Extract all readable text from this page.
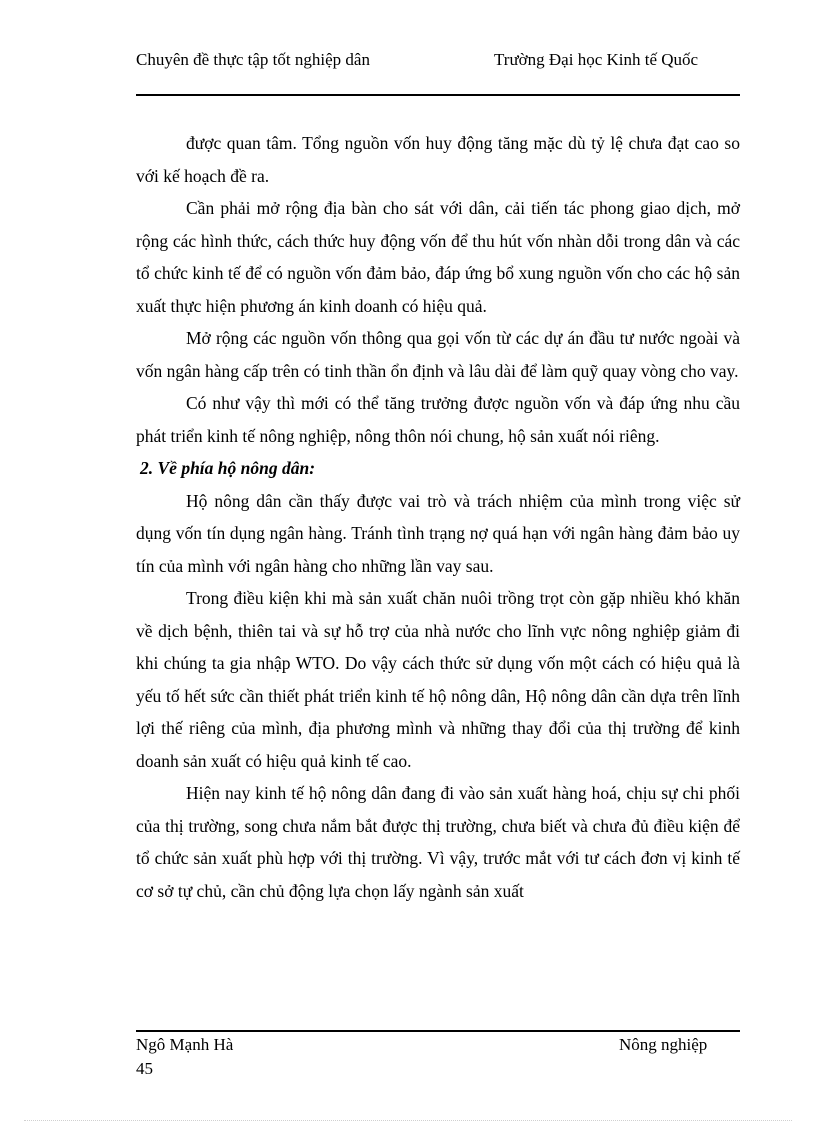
Chuyên đề thực tập tốt nghiệp dân	Trường Đại học Kinh tế Quốc

được quan tâm. Tổng nguồn vốn huy động tăng mặc dù tỷ lệ chưa đạt cao so với kế hoạch đề ra.

Cần phải mở rộng địa bàn cho sát với dân, cải tiến tác phong giao dịch, mở rộng các hình thức, cách thức huy động vốn để thu hút vốn nhàn dỗi trong dân và các tổ chức kinh tế để có nguồn vốn đảm bảo, đáp ứng bổ xung nguồn vốn cho các hộ sản xuất thực hiện phương án kinh doanh có hiệu quả.

Mở rộng các nguồn vốn thông qua gọi vốn từ các dự án đầu tư nước ngoài và vốn ngân hàng cấp trên có tinh thần ổn định và lâu dài để làm quỹ quay vòng cho vay.

Có như vậy thì mới có thể tăng trưởng được nguồn vốn và đáp ứng nhu cầu phát triển kinh tế nông nghiệp, nông thôn nói chung, hộ sản xuất nói riêng.

2. Về phía hộ nông dân:

Hộ nông dân cần thấy được vai trò và trách nhiệm của mình trong việc sử dụng vốn tín dụng ngân hàng. Tránh tình trạng nợ quá hạn với ngân hàng đảm bảo uy tín của mình với ngân hàng cho những lần vay sau.

Trong điều kiện khi mà sản xuất chăn nuôi trồng trọt còn gặp nhiều khó khăn về dịch bệnh, thiên tai và sự hỗ trợ của nhà nước cho lĩnh vực nông nghiệp giảm đi khi chúng ta gia nhập WTO. Do vậy cách thức sử dụng vốn một cách có hiệu quả là yếu tố hết sức cần thiết phát triển kinh tế hộ nông dân, Hộ nông dân cần dựa trên lĩnh lợi thế riêng của mình, địa phương mình và những thay đổi của thị trường để kinh doanh sản xuất có hiệu quả kinh tế cao.

Hiện nay kinh tế hộ nông dân đang đi vào sản xuất hàng hoá, chịu sự chi phối của thị trường, song chưa nắm bắt được thị trường, chưa biết và chưa đủ điều kiện để tổ chức sản xuất phù hợp với thị trường. Vì vậy, trước mắt với tư cách đơn vị kinh tế cơ sở tự chủ, cần chủ động lựa chọn lấy ngành sản xuất

Ngô Mạnh Hà
45
Nông nghiệp
